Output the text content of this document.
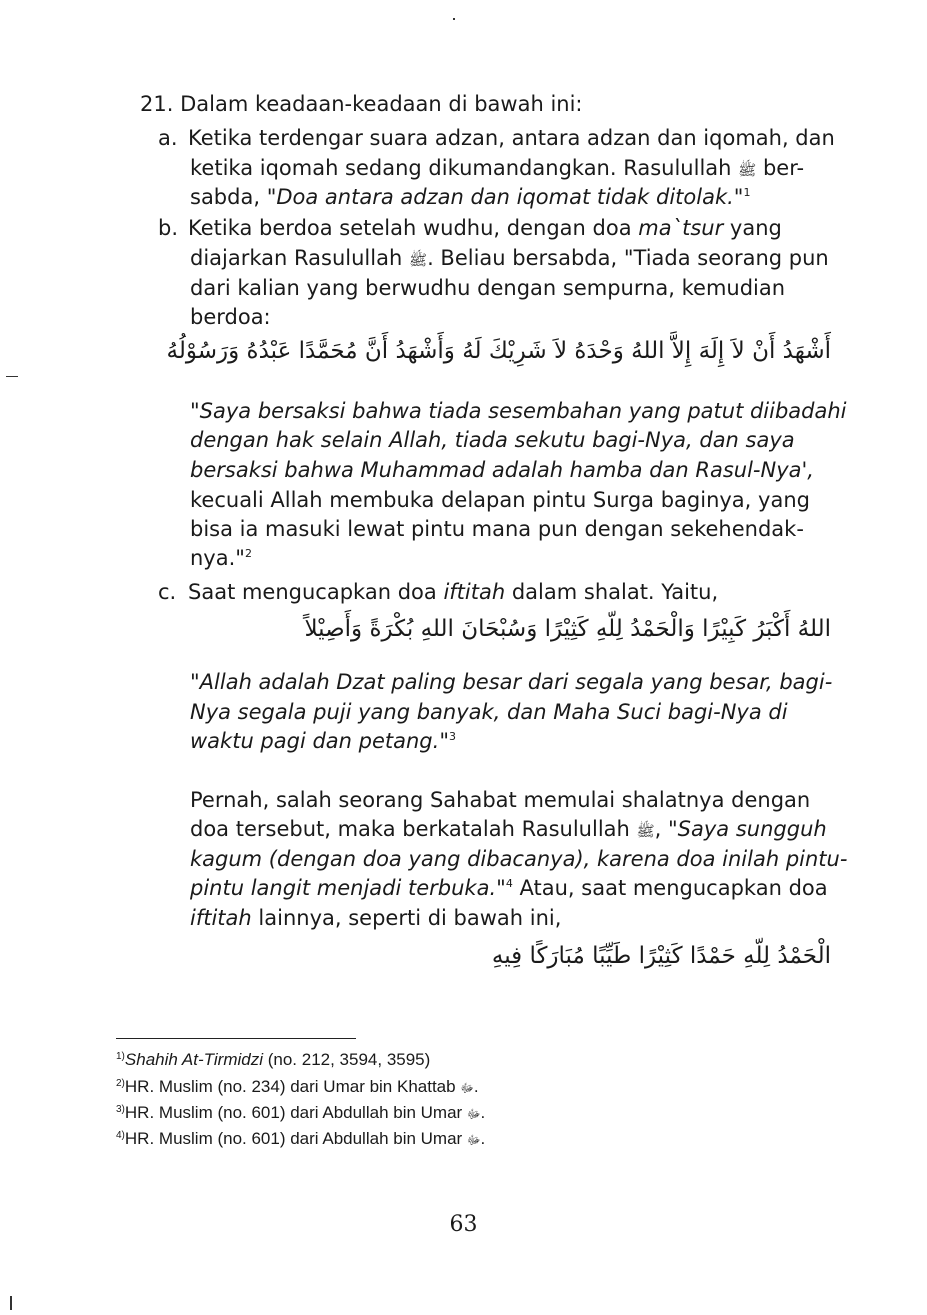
21. Dalam keadaan-keadaan di bawah ini:
a. Ketika terdengar suara adzan, antara adzan dan iqomah, dan
ketika iqomah sedang dikumandangkan. Rasulullah ﷺ ber-
sabda, "Doa antara adzan dan iqomat tidak ditolak."$^1$
b. Ketika berdoa setelah wudhu, dengan doa ma`tsur yang
diajarkan Rasulullah ﷺ. Beliau bersabda, "Tiada seorang pun
dari kalian yang berwudhu dengan sempurna, kemudian
berdoa:
أَشْهَدُ أَنْ لاَ إِلَهَ إِلاَّ اللهُ وَحْدَهُ لاَ شَرِيْكَ لَهُ وَأَشْهَدُ أَنَّ مُحَمَّدًا عَبْدُهُ وَرَسُوْلُهُ
"Saya bersaksi bahwa tiada sesembahan yang patut diibadahi
dengan hak selain Allah, tiada sekutu bagi-Nya, dan saya
bersaksi bahwa Muhammad adalah hamba dan Rasul-Nya',
kecuali Allah membuka delapan pintu Surga baginya, yang
bisa ia masuki lewat pintu mana pun dengan sekehendak-
nya."$^2$
c. Saat mengucapkan doa iftitah dalam shalat. Yaitu,
اللهُ أَكْبَرُ كَبِيْرًا وَالْحَمْدُ لِلّهِ كَثِيْرًا وَسُبْحَانَ اللهِ بُكْرَةً وَأَصِيْلاً
"Allah adalah Dzat paling besar dari segala yang besar, bagi-
Nya segala puji yang banyak, dan Maha Suci bagi-Nya di
waktu pagi dan petang."$^3$
Pernah, salah seorang Sahabat memulai shalatnya dengan
doa tersebut, maka berkatalah Rasulullah ﷺ, "Saya sungguh
kagum (dengan doa yang dibacanya), karena doa inilah pintu-
pintu langit menjadi terbuka."$^4$ Atau, saat mengucapkan doa
iftitah lainnya, seperti di bawah ini,
الْحَمْدُ لِلّهِ حَمْدًا كَثِيْرًا طَيِّبًا مُبَارَكًا فِيهِ
$^{1)}$Shahih At-Tirmidzi (no. 212, 3594, 3595)
$^{2)}$HR. Muslim (no. 234) dari Umar bin Khattab ﷻ.
$^{3)}$HR. Muslim (no. 601) dari Abdullah bin Umar ﷻ.
$^{4)}$HR. Muslim (no. 601) dari Abdullah bin Umar ﷻ.
63
